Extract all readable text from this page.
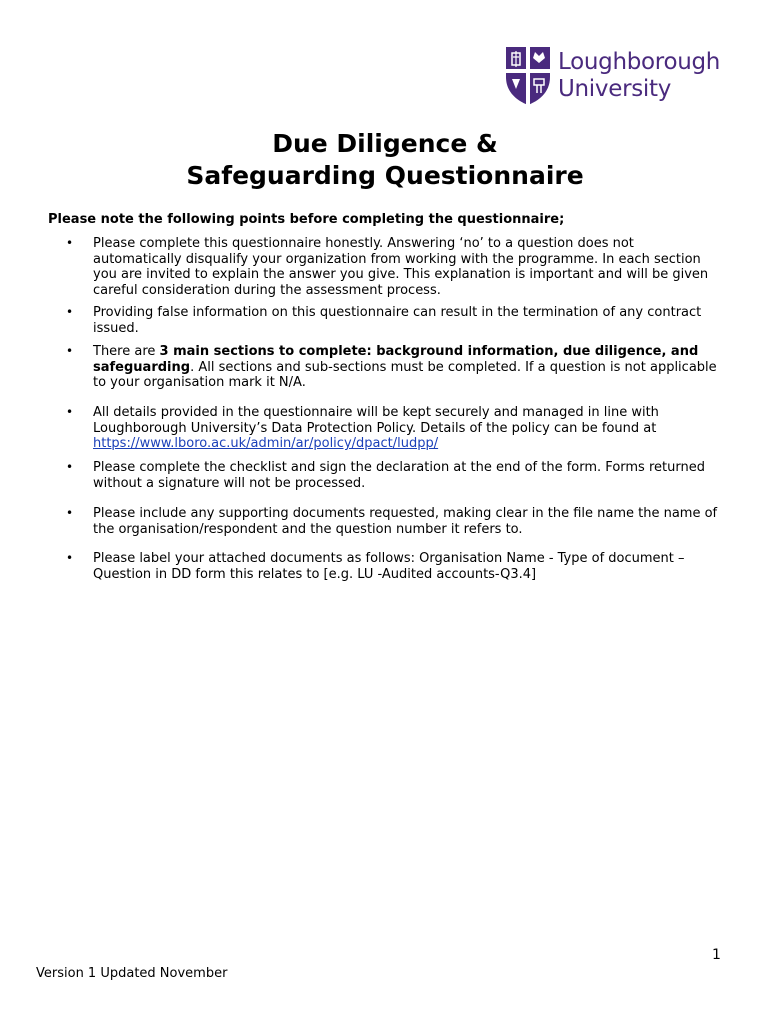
Loughborough
University
Due Diligence &
Safeguarding Questionnaire
Please note the following points before completing the questionnaire;
• Please complete this questionnaire honestly. Answering ‘no’ to a question does not automatically disqualify your organization from working with the programme. In each section you are invited to explain the answer you give. This explanation is important and will be given careful consideration during the assessment process.
• Providing false information on this questionnaire can result in the termination of any contract issued.
• There are 3 main sections to complete: background information, due diligence, and safeguarding. All sections and sub-sections must be completed. If a question is not applicable to your organisation mark it N/A.
• All details provided in the questionnaire will be kept securely and managed in line with Loughborough University’s Data Protection Policy. Details of the policy can be found at
https://www.lboro.ac.uk/admin/ar/policy/dpact/ludpp/
• Please complete the checklist and sign the declaration at the end of the form. Forms returned without a signature will not be processed.
• Please include any supporting documents requested, making clear in the file name the name of the organisation/respondent and the question number it refers to.
• Please label your attached documents as follows: Organisation Name - Type of document – Question in DD form this relates to [e.g. LU -Audited accounts-Q3.4]
1
Version 1 Updated November
